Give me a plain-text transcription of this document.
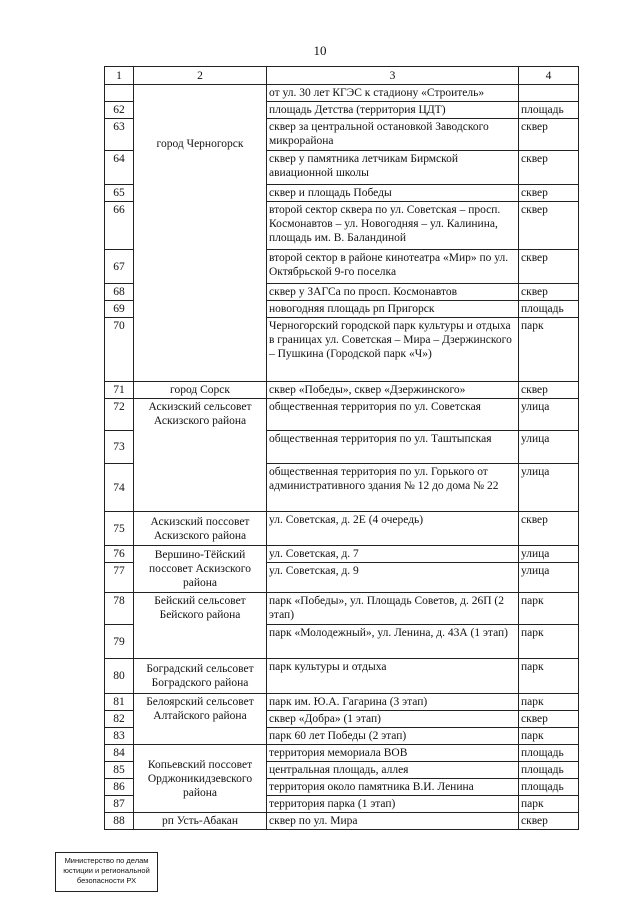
10
1	2	3	4
	город Черногорск	от ул. 30 лет КГЭС к стадиону «Строитель»	
62		площадь Детства (территория ЦДТ)	площадь
63		сквер за центральной остановкой Заводского микрорайона	сквер
64		сквер у памятника летчикам Бирмской авиационной школы	сквер
65		сквер и площадь Победы	сквер
66		второй сектор сквера по ул. Советская – просп. Космонавтов – ул. Новогодняя – ул. Калинина, площадь им. В. Баландиной	сквер
67		второй сектор в районе кинотеатра «Мир» по ул. Октябрьской 9-го поселка	сквер
68		сквер у ЗАГСа по просп. Космонавтов	сквер
69		новогодняя площадь рп Пригорск	площадь
70		Черногорский городской парк культуры и отдыха в границах ул. Советская – Мира – Дзержинского – Пушкина (Городской парк «Ч»)	парк
71	город Сорск	сквер «Победы», сквер «Дзержинского»	сквер
72	Аскизский сельсовет Аскизского района	общественная территория по ул. Советская	улица
73		общественная территория по ул. Таштыпская	улица
74		общественная территория по ул. Горького от административного здания № 12 до дома № 22	улица
75	Аскизский поссовет Аскизского района	ул. Советская, д. 2Е (4 очередь)	сквер
76	Вершино-Тёйский поссовет Аскизского района	ул. Советская, д. 7	улица
77		ул. Советская, д. 9	улица
78	Бейский сельсовет Бейского района	парк «Победы», ул. Площадь Советов, д. 26П (2 этап)	парк
79		парк «Молодежный», ул. Ленина, д. 43А (1 этап)	парк
80	Боградский сельсовет Боградского района	парк культуры и отдыха	парк
81	Белоярский сельсовет Алтайского района	парк им. Ю.А. Гагарина (3 этап)	парк
82		сквер «Добра» (1 этап)	сквер
83		парк 60 лет Победы (2 этап)	парк
84	Копьевский поссовет Орджоникидзевского района	территория мемориала ВОВ	площадь
85		центральная площадь, аллея	площадь
86		территория около памятника В.И. Ленина	площадь
87		территория парка (1 этап)	парк
88	рп Усть-Абакан	сквер по ул. Мира	сквер
Министерство по делам
юстиции и региональной
безопасности РХ
